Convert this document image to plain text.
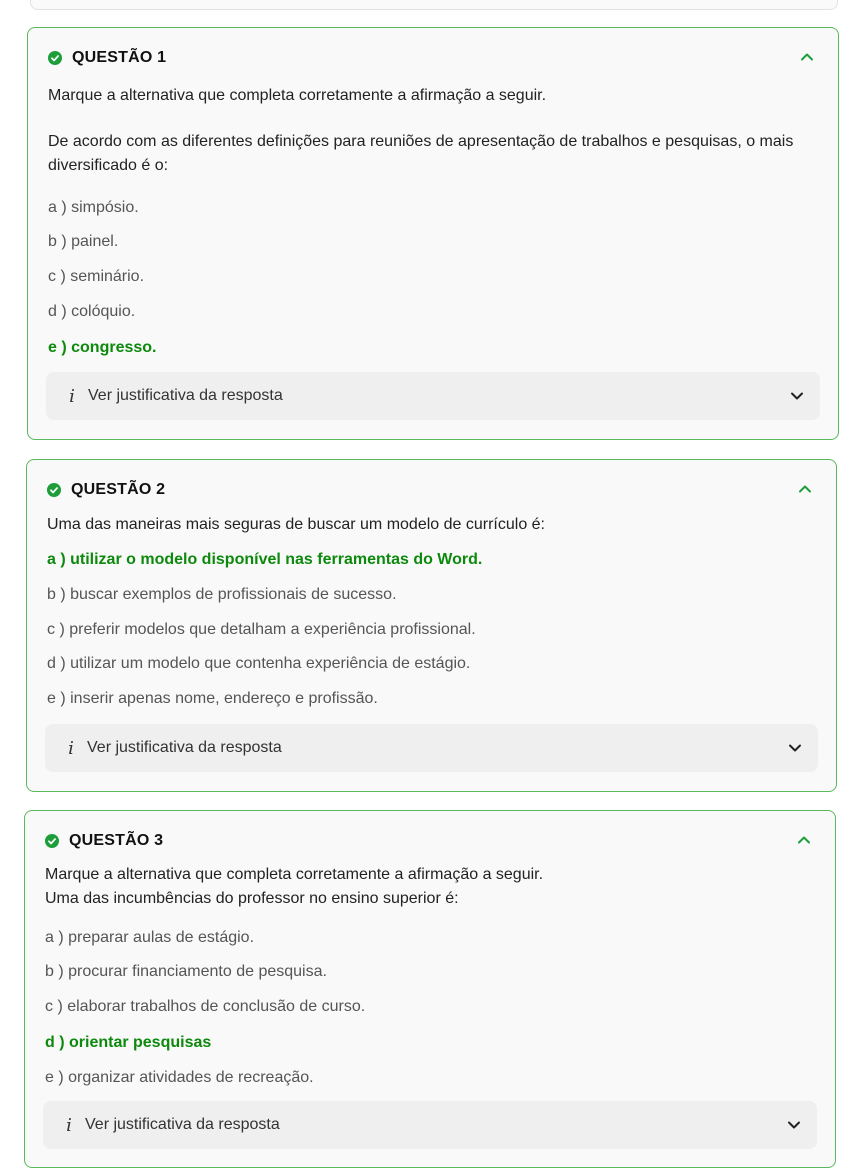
QUESTÃO 1

Marque a alternativa que completa corretamente a afirmação a seguir.

De acordo com as diferentes definições para reuniões de apresentação de trabalhos e pesquisas, o mais diversificado é o:

a ) simpósio.
b ) painel.
c ) seminário.
d ) colóquio.
e ) congresso.
i Ver justificativa da resposta
QUESTÃO 2

Uma das maneiras mais seguras de buscar um modelo de currículo é:

a ) utilizar o modelo disponível nas ferramentas do Word.
b ) buscar exemplos de profissionais de sucesso.
c ) preferir modelos que detalham a experiência profissional.
d ) utilizar um modelo que contenha experiência de estágio.
e ) inserir apenas nome, endereço e profissão.
i Ver justificativa da resposta
QUESTÃO 3

Marque a alternativa que completa corretamente a afirmação a seguir.

Uma das incumbências do professor no ensino superior é:

a ) preparar aulas de estágio.
b ) procurar financiamento de pesquisa.
c ) elaborar trabalhos de conclusão de curso.
d ) orientar pesquisas
e ) organizar atividades de recreação.
i Ver justificativa da resposta
